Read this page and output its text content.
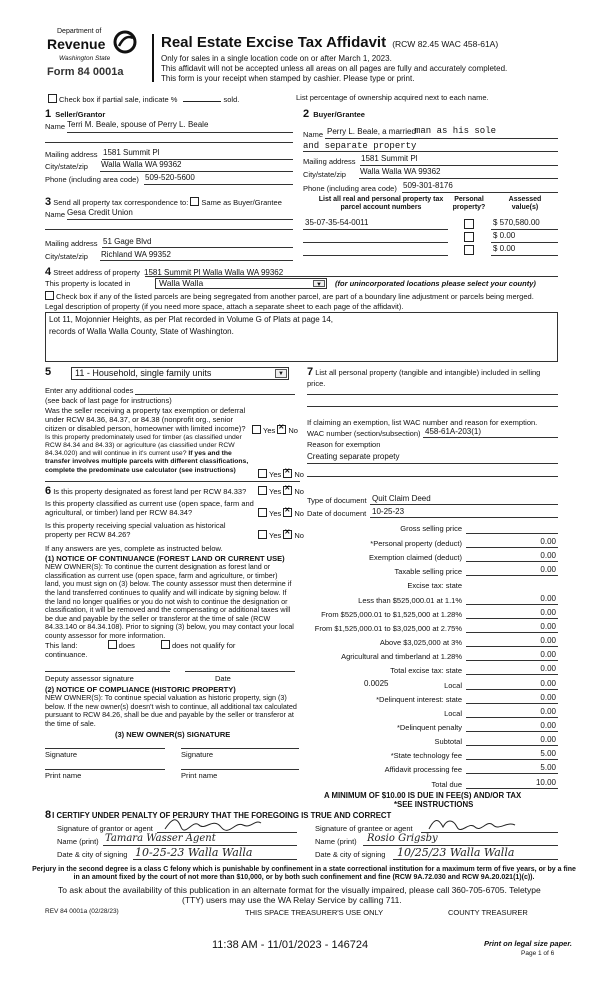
Department of
Revenue
Washington State
Form 84 0001a
Real Estate Excise Tax Affidavit (RCW 82.45 WAC 458-61A)
Only for sales in a single location code on or after March 1, 2023.
This affidavit will not be accepted unless all areas on all pages are fully and accurately completed.
This form is your receipt when stamped by cashier. Please type or print.
Check box if partial sale, indicate %	sold.	List percentage of ownership acquired next to each name.
1 Seller/Grantor
Name Terri M. Beale, spouse of Perry L. Beale
Mailing address 1581 Summit Pl
City/state/zip Walla Walla WA 99362
Phone (including area code) 509-520-5600
2 Buyer/Grantee
Name Perry L. Beale, a married man as his sole
and separate property
Mailing address 1581 Summit Pl
City/state/zip Walla Walla WA 99362
Phone (including area code) 509-301-8176
3 Send all property tax correspondence to: Same as Buyer/Grantee
Name Gesa Credit Union
Mailing address 51 Gage Blvd
City/state/zip Richland WA 99352
List all real and personal property tax parcel account numbers
Personal property?
Assessed value(s)
35-07-35-54-0011	$ 570,580.00
$ 0.00
$ 0.00
4 Street address of property 1581 Summit Pl Walla Walla WA 99362
This property is located in	Walla Walla	▼	(for unincorporated locations please select your county)
Check box if any of the listed parcels are being segregated from another parcel, are part of a boundary line adjustment or parcels being merged.
Legal description of property (if you need more space, attach a separate sheet to each page of the affidavit).
Lot 11, Mojonnier Heights, as per Plat recorded in Volume G of Plats at page 14,
records of Walla Walla County, State of Washington.
5	11 - Household, single family units	▼
Enter any additional codes
(see back of last page for instructions)
Was the seller receiving a property tax exemption or deferral under RCW 84.36, 84.37, or 84.38 (nonprofit org., senior citizen or disabled person, homeowner with limited income)?	Yes ✕ No
Is this property predominately used for timber (as classified under RCW 84.34 and 84.33) or agriculture (as classified under RCW 84.34.020) and will continue in it's current use? If yes and the transfer involves multiple parcels with different classifications, complete the predominate use calculator (see instructions)	Yes ✕ No
6 Is this property designated as forest land per RCW 84.33?	Yes ✕ No
Is this property classified as current use (open space, farm and agricultural, or timber) land per RCW 84.34?	Yes ✕ No
Is this property receiving special valuation as historical property per RCW 84.26?	Yes ✕ No
If any answers are yes, complete as instructed below.
(1) NOTICE OF CONTINUANCE (FOREST LAND OR CURRENT USE)
NEW OWNER(S): To continue the current designation as forest land or classification as current use (open space, farm and agriculture, or timber) land, you must sign on (3) below. The county assessor must then determine if the land transferred continues to qualify and will indicate by signing below. If the land no longer qualifies or you do not wish to continue the designation or classification, it will be removed and the compensating or additional taxes will be due and payable by the seller or transferor at the time of sale (RCW 84.33.140 or 84.34.108). Prior to signing (3) below, you may contact your local county assessor for more information.
This land:	does	does not qualify for
continuance.
Deputy assessor signature	Date
(2) NOTICE OF COMPLIANCE (HISTORIC PROPERTY)
NEW OWNER(S): To continue special valuation as historic property, sign (3) below. If the new owner(s) doesn't wish to continue, all additional tax calculated pursuant to RCW 84.26, shall be due and payable by the seller or transferor at the time of sale.
(3) NEW OWNER(S) SIGNATURE
Signature	Signature
Print name	Print name
7 List all personal property (tangible and intangible) included in selling price.
If claiming an exemption, list WAC number and reason for exemption.
WAC number (section/subsection) 458-61A-203(1)
Reason for exemption
Creating separate propety
Type of document Quit Claim Deed
Date of document 10-25-23
Gross selling price
*Personal property (deduct)	0.00
Exemption claimed (deduct)	0.00
Taxable selling price	0.00
Excise tax: state
Less than $525,000.01 at 1.1%	0.00
From $525,000.01 to $1,525,000 at 1.28%	0.00
From $1,525,000.01 to $3,025,000 at 2.75%	0.00
Above $3,025,000 at 3%	0.00
Agricultural and timberland at 1.28%	0.00
Total excise tax: state	0.00
0.0025	Local	0.00
*Delinquent interest: state	0.00
Local	0.00
*Delinquent penalty	0.00
Subtotal	0.00
*State technology fee	5.00
Affidavit processing fee	5.00
Total due	10.00
A MINIMUM OF $10.00 IS DUE IN FEE(S) AND/OR TAX
*SEE INSTRUCTIONS
8I CERTIFY UNDER PENALTY OF PERJURY THAT THE FOREGOING IS TRUE AND CORRECT
Signature of grantor or agent
Name (print) Tamara Wasser Agent
Date & city of signing 10-25-23 Walla Walla
Signature of grantee or agent
Name (print) Rosio Grigsby
Date & city of signing 10/25/23 Walla Walla
Perjury in the second degree is a class C felony which is punishable by confinement in a state correctional institution for a maximum term of five years, or by a fine in an amount fixed by the court of not more than $10,000, or by both such confinement and fine (RCW 9A.72.030 and RCW 9A.20.021(1)(c)).
To ask about the availability of this publication in an alternate format for the visually impaired, please call 360-705-6705. Teletype
(TTY) users may use the WA Relay Service by calling 711.
REV 84 0001a (02/28/23)	THIS SPACE TREASURER'S USE ONLY	COUNTY TREASURER
11:38 AM - 11/01/2023 - 146724	Print on legal size paper.
Page 1 of 6
